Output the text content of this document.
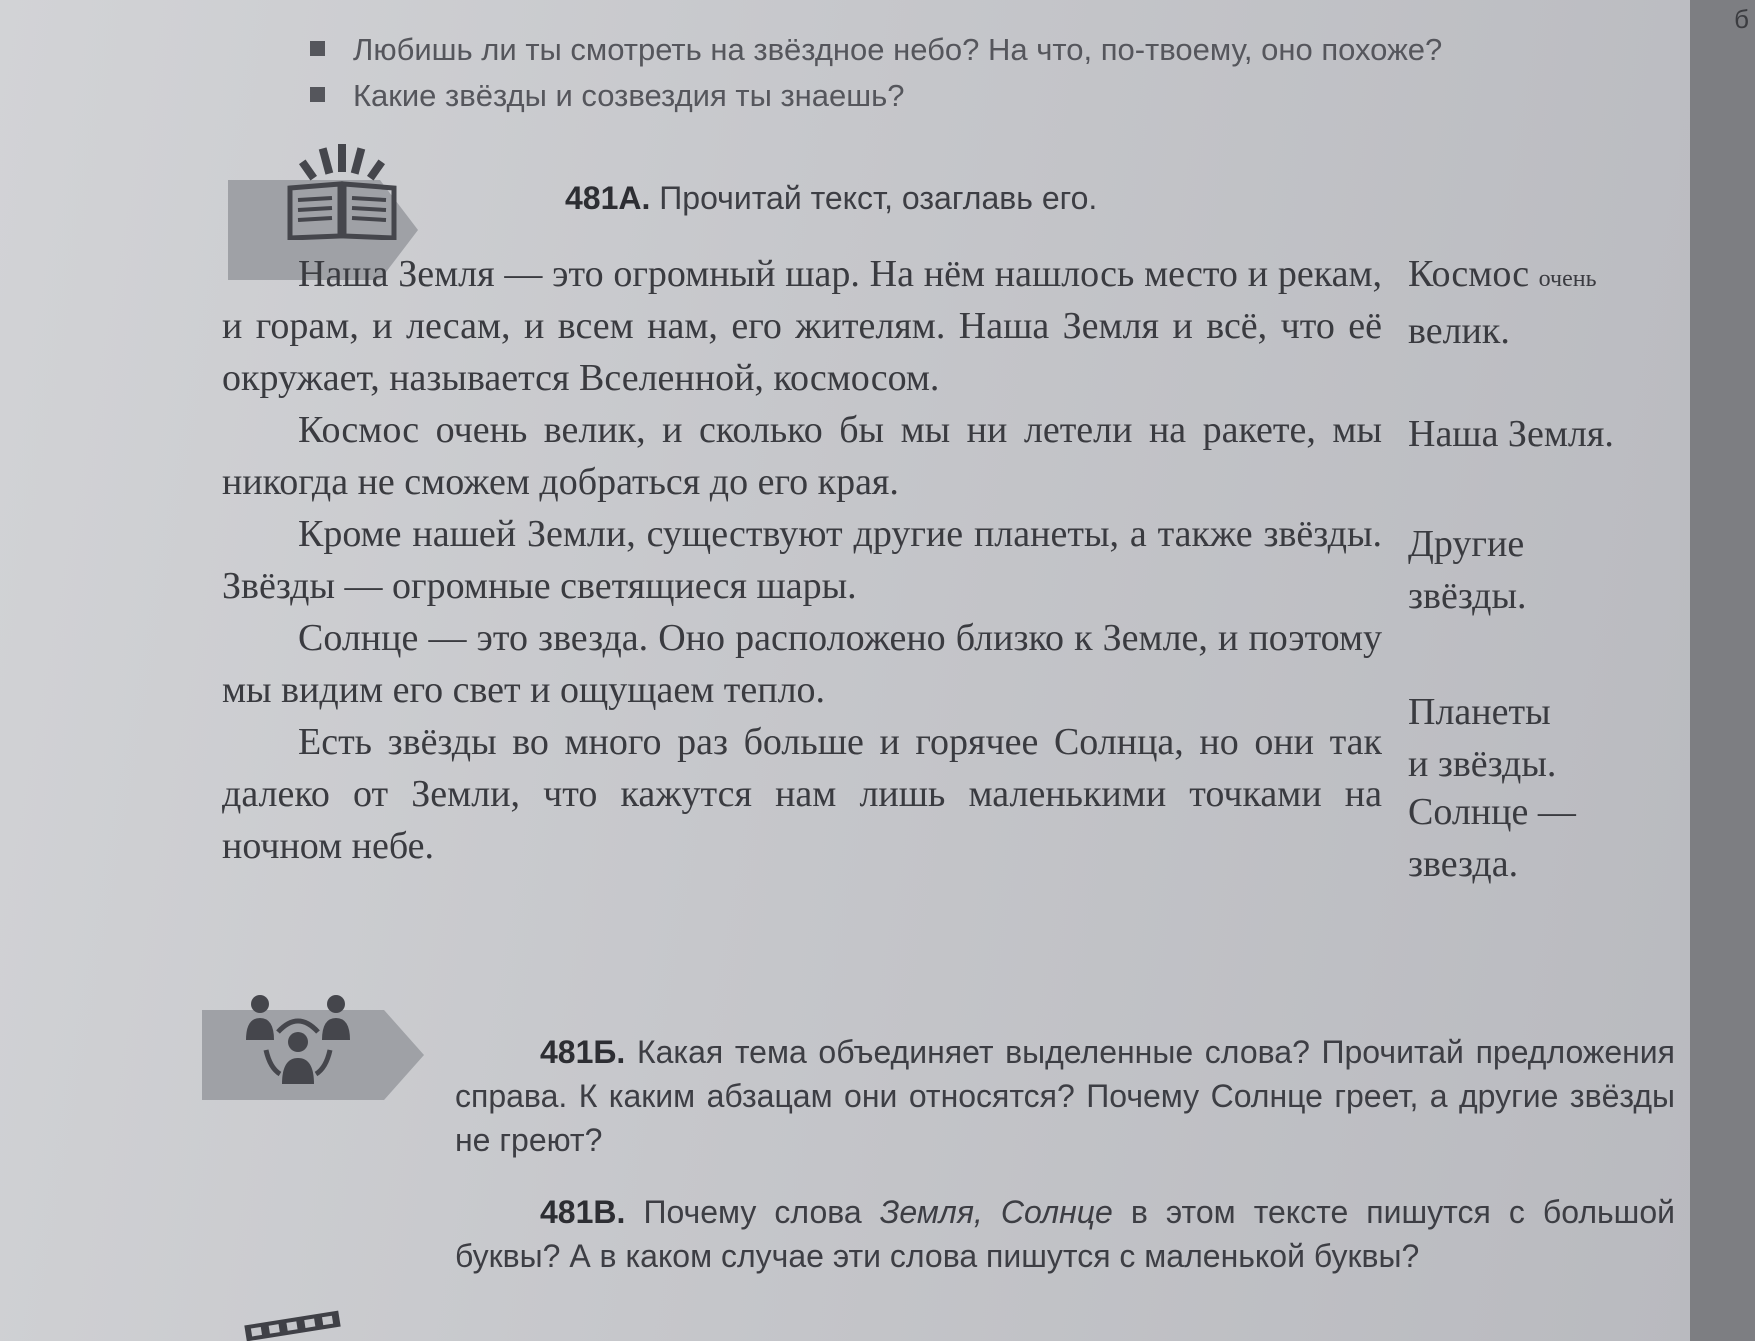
Любишь ли ты смотреть на звёздное небо? На что, по-твоему, оно похоже?
Какие звёзды и созвездия ты знаешь?
481А. Прочитай текст, озаглавь его.

Наша Земля — это огромный шар. На нём нашлось место и рекам, и горам, и лесам, и всем нам, его жителям. Наша Земля и всё, что её окружает, называется Вселенной, космосом.

Космос очень велик, и сколько бы мы ни летели на ракете, мы никогда не сможем добраться до его края.

Кроме нашей Земли, существуют другие планеты, а также звёзды. Звёзды — огромные светящиеся шары.

Солнце — это звезда. Оно расположено близко к Земле, и поэтому мы видим его свет и ощущаем тепло.

Есть звёзды во много раз больше и горячее Солнца, но они так далеко от Земли, что кажутся нам лишь маленькими точками на ночном небе.

Космос очень
велик.
Наша Земля.
Другие
звёзды.
Планеты
и звёзды.
Солнце —
звезда.
481Б. Какая тема объединяет выделенные слова? Прочитай предложения справа. К каким абзацам они относятся? Почему Солнце греет, а другие звёзды не греют?
481В. Почему слова Земля, Солнце в этом тексте пишутся с большой буквы? А в каком случае эти слова пишутся с маленькой буквы?
б
